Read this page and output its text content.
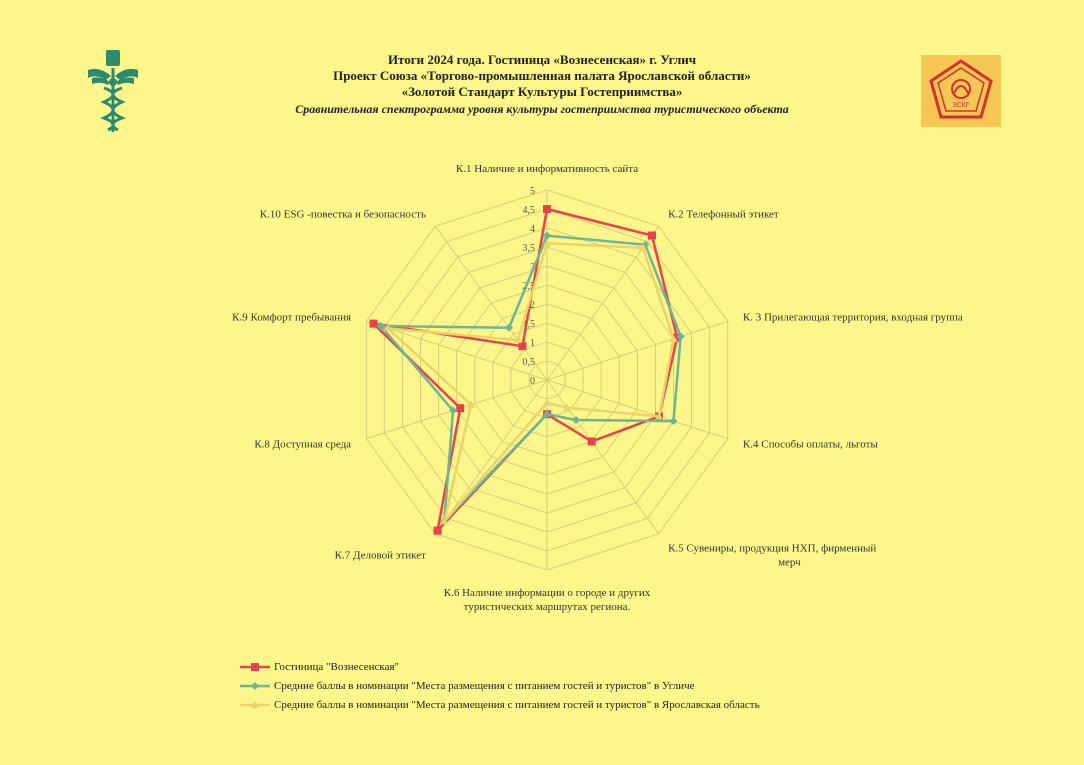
Итоги 2024 года. Гостиница «Вознесенская» г. Углич
Проект Союза «Торгово-промышленная палата Ярославской области»
«Золотой Стандарт Культуры Гостеприимства»
Сравнительная спектрограмма уровня культуры гостеприимства туристического объекта	ЗСКГ
0
0,5
1
1,5
2
2,5
3
3,5
4
4,5
5
К.1 Наличие и информативность сайта
К.2 Телефонный этикет
К. 3 Прилегающая территория, входная группа
К.4 Способы оплаты, льготы
К.5 Сувениры, продукция НХП, фирменный мерч
К.6 Наличие информации о городе и других туристических маршрутах региона.
К.7 Деловой этикет
К.8 Доступная среда
К.9 Комфорт пребывания
К.10 ESG -повестка и безопасность
Гостиница "Вознесенская"
Средние баллы в номинации "Места размещения с питанием гостей и туристов" в Угличе
Средние баллы в номинации "Места размещения с питанием гостей и туристов" в Ярославская область
